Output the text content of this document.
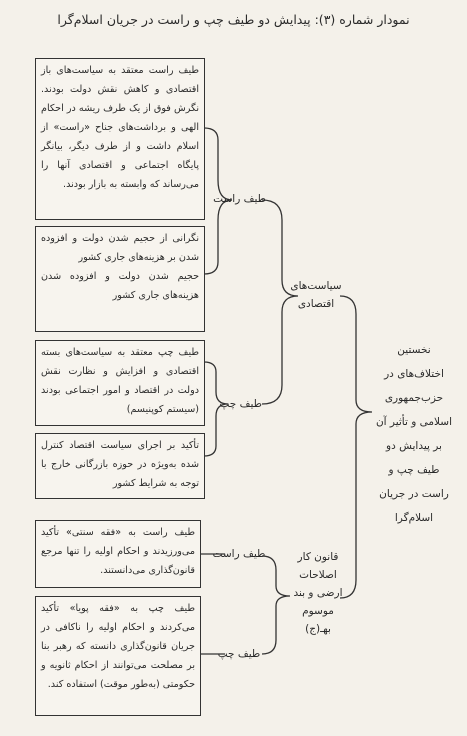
نمودار شماره (۳): پیدایش دو طیف چپ و راست در جریان اسلام‌گرا

طیف راست معتقد به سیاست‌های باز اقتصادی و کاهش نقش دولت بودند. نگرش فوق از یک طرف ریشه در احکام الهی و برداشت‌های جناح «راست» از اسلام داشت و از طرف دیگر، بیانگر پایگاه اجتماعی و اقتصادی آنها را می‌رساند که وابسته به بازار بودند.

نگرانی از حجیم شدن دولت و افزوده شدن بر هزینه‌های جاری کشور

حجیم شدن دولت و افزوده شدن هزینه‌های جاری کشور

طیف چپ معتقد به سیاست‌های بسته اقتصادی و افزایش و نظارت نقش دولت در اقتصاد و امور اجتماعی بودند (سیستم کوپنیسم)

تأکید بر اجرای سیاست اقتصاد کنترل شده به‌ویژه در حوزه بازرگانی خارج با توجه به شرایط کشور

طیف راست به «فقه سنتی» تأکید می‌ورزیدند و احکام اولیه را تنها مرجع قانون‌گذاری می‌دانستند.

طیف چپ به «فقه پویا» تأکید می‌کردند و احکام اولیه را ناکافی در جریان قانون‌گذاری دانسته که رهبر بنا بر مصلحت می‌توانند از احکام ثانویه و حکومتی (به‌طور موقت) استفاده کند.

طیف راست
طیف چپ
طیف راست
طیف چپ
سیاست‌های اقتصادی
قانون کار اصلاحات ارضی و بند موسوم بهـ(ج)
نخستین اختلاف‌های در حزب‌جمهوری اسلامی و تأثیر آن بر پیدایش دو طیف چپ و راست در جریان اسلام‌گرا
